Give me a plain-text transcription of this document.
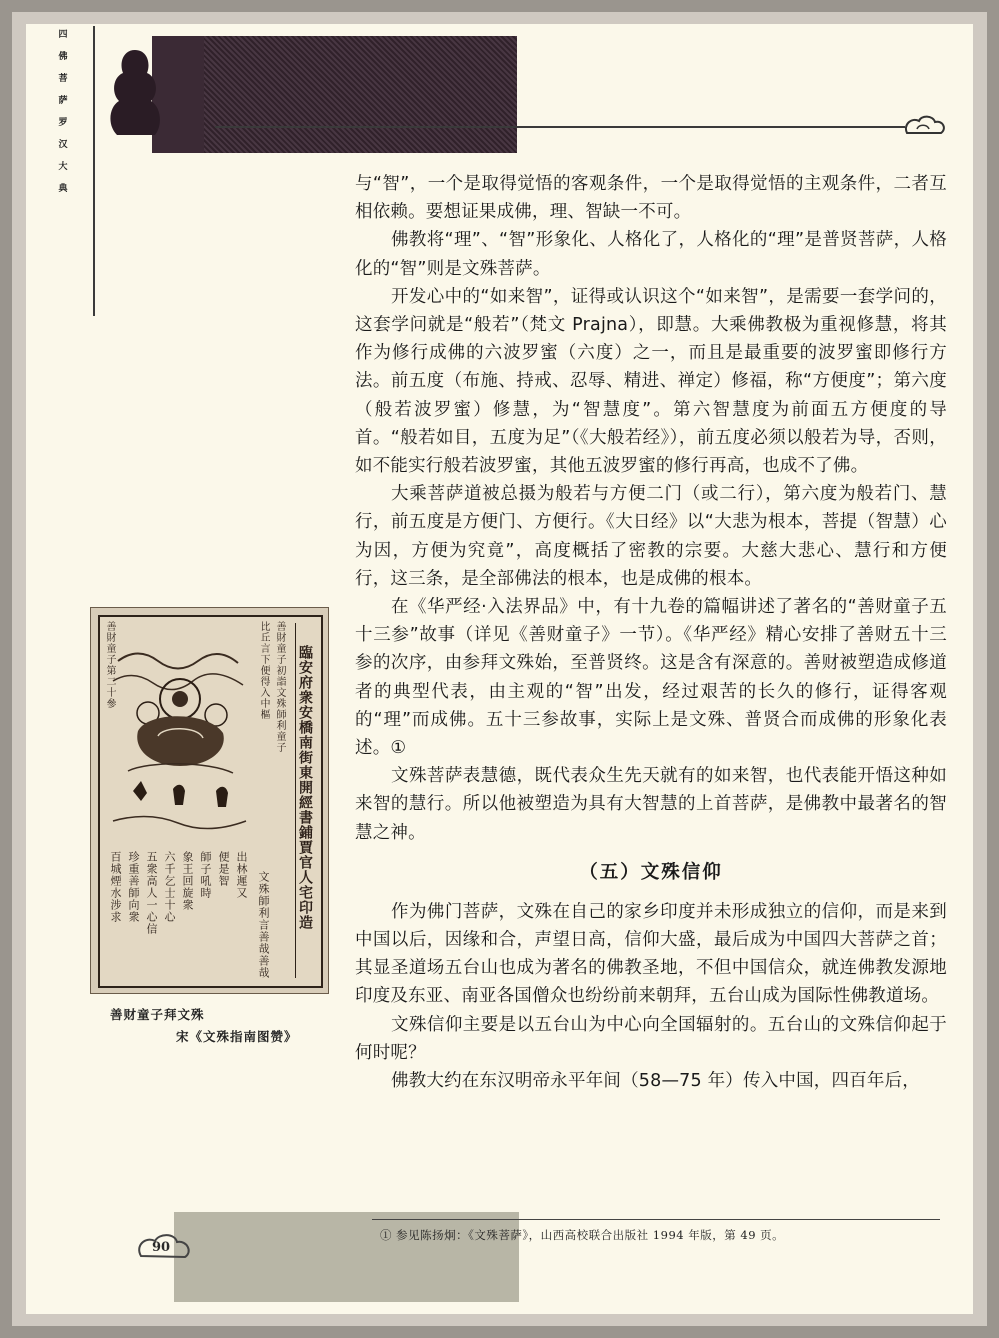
四
佛
菩
萨
罗
汉
大
典	与“智”，一个是取得觉悟的客观条件，一个是取得觉悟的主观条件，二者互相依赖。要想证果成佛，理、智缺一不可。

佛教将“理”、“智”形象化、人格化了，人格化的“理”是普贤菩萨，人格化的“智”则是文殊菩萨。

开发心中的“如来智”，证得或认识这个“如来智”，是需要一套学问的，这套学问就是“般若”（梵文 Prajna），即慧。大乘佛教极为重视修慧，将其作为修行成佛的六波罗蜜（六度）之一，而且是最重要的波罗蜜即修行方法。前五度（布施、持戒、忍辱、精进、禅定）修福，称“方便度”；第六度（般若波罗蜜）修慧，为“智慧度”。第六智慧度为前面五方便度的导首。“般若如目，五度为足”（《大般若经》），前五度必须以般若为导，否则，如不能实行般若波罗蜜，其他五波罗蜜的修行再高，也成不了佛。

大乘菩萨道被总摄为般若与方便二门（或二行），第六度为般若门、慧行，前五度是方便门、方便行。《大日经》以“大悲为根本，菩提（智慧）心为因，方便为究竟”，高度概括了密教的宗要。大慈大悲心、慧行和方便行，这三条，是全部佛法的根本，也是成佛的根本。

在《华严经·入法界品》中，有十九卷的篇幅讲述了著名的“善财童子五十三参”故事（详见《善财童子》一节）。《华严经》精心安排了善财五十三参的次序，由参拜文殊始，至普贤终。这是含有深意的。善财被塑造成修道者的典型代表，由主观的“智”出发，经过艰苦的长久的修行，证得客观的“理”而成佛。五十三参故事，实际上是文殊、普贤合而成佛的形象化表述。①

文殊菩萨表慧德，既代表众生先天就有的如来智，也代表能开悟这种如来智的慧行。所以他被塑造为具有大智慧的上首菩萨，是佛教中最著名的智慧之神。

（五）文殊信仰

作为佛门菩萨，文殊在自己的家乡印度并未形成独立的信仰，而是来到中国以后，因缘和合，声望日高，信仰大盛，最后成为中国四大菩萨之首；其显圣道场五台山也成为著名的佛教圣地，不但中国信众，就连佛教发源地印度及东亚、南亚各国僧众也纷纷前来朝拜，五台山成为国际性佛教道场。

文殊信仰主要是以五台山为中心向全国辐射的。五台山的文殊信仰起于何时呢？

佛教大约在东汉明帝永平年间（58—75 年）传入中国，四百年后，

臨安府衆安橋南街東開經書鋪賈官人宅印造
善財童子初詣文殊師利童子
比丘言下便得入中樞
善財童子第二十參
百城煙水涉求 珍重善師向衆 五衆高人一心信 六千乞士十心 象王回旋衆 師子吼時 便是智 出林遲又 文殊師利言善哉善哉
善财童子拜文殊
宋《文殊指南图赞》
① 参见陈扬炯：《文殊菩萨》，山西高校联合出版社 1994 年版，第 49 页。
90
